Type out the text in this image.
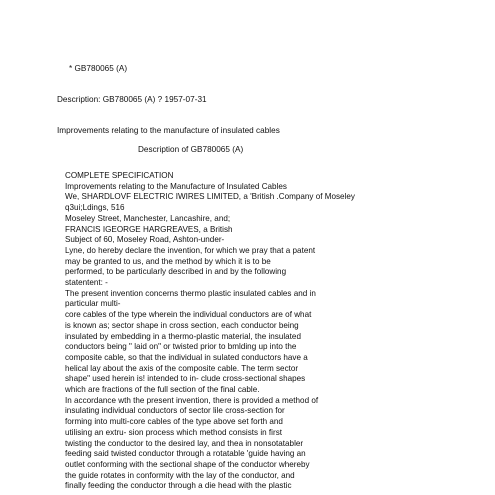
* GB780065 (A)
Description: GB780065 (A) ? 1957-07-31
Improvements relating to the manufacture of insulated cables
Description of GB780065 (A)
COMPLETE SPECIFICATION
Improvements relating to the Manufacture of Insulated Cables
We, SHARDLOVF ELECTRIC IWIRES LIMITED, a 'British .Company of Moseley
q3ui;Ldings, 516
Moseley Street, Manchester, Lancashire, and;
FRANCIS IGEORGE HARGREAVES, a British
Subject of 60, Moseley Road, Ashton-under-
Lyne, do hereby declare the invention, for which we pray that a patent
may be granted to us, and the method by which it is to be
performed, to be particularly described in and by the following
statentent: -
The present invention concerns thermo plastic insulated cables and in
particular multi-
core cables of the type wherein the individual conductors are of what
is known as; sector shape in cross section, each conductor being
insulated by embedding in a thermo-plastic material, the insulated
conductors being " laid on" or twisted prior to bmlding up into the
composite cable, so that the individual in sulated conductors have a
helical lay about the axis of the composite cable. The term sector
shape" used herein is! intended to in- clude cross-sectional shapes
which are fractions of the full section of the final cable.
In accordance wth the present invention, there is provided a method of
insulating individual conductors of sector lile cross-section for
forming into multi-core cables of the type above set forth and
utilising an extru- sion process which method consists in first
twisting the conductor to the desired lay, and thea in nonsotatabler
feeding said twisted conductor through a rotatable 'guide having an
outlet conforming with the sectional shape of the conductor whereby
the guide rotates in conformity with the lay of the conductor, and
finally feeding the conductor through a die head with the plastic
